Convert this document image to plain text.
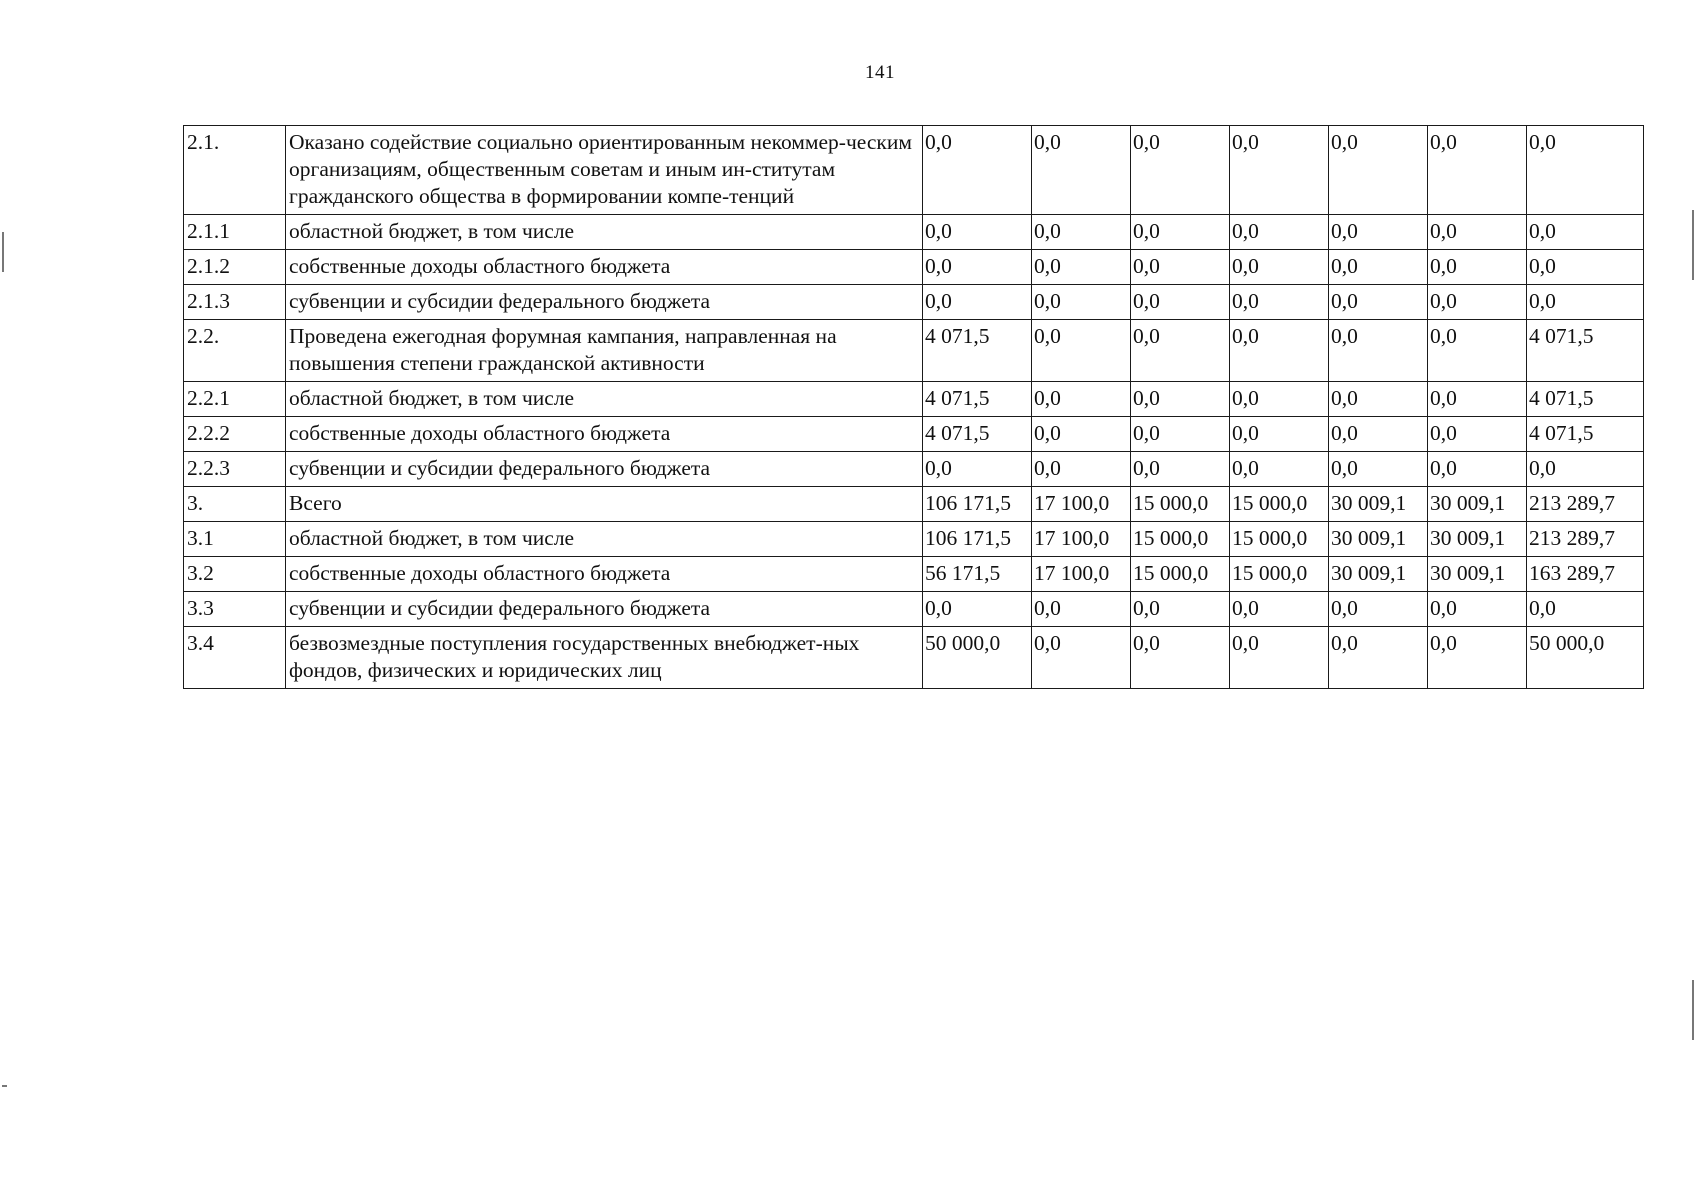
141
2.1.	Оказано содействие социально ориентированным некоммер-ческим организациям, общественным советам и иным ин-ститутам гражданского общества в формировании компе-тенций	0,0	0,0	0,0	0,0	0,0	0,0	0,0
2.1.1	областной бюджет, в том числе	0,0	0,0	0,0	0,0	0,0	0,0	0,0
2.1.2	собственные доходы областного бюджета	0,0	0,0	0,0	0,0	0,0	0,0	0,0
2.1.3	субвенции и субсидии федерального бюджета	0,0	0,0	0,0	0,0	0,0	0,0	0,0
2.2.	Проведена ежегодная форумная кампания, направленная на повышения степени гражданской активности	4 071,5	0,0	0,0	0,0	0,0	0,0	4 071,5
2.2.1	областной бюджет, в том числе	4 071,5	0,0	0,0	0,0	0,0	0,0	4 071,5
2.2.2	собственные доходы областного бюджета	4 071,5	0,0	0,0	0,0	0,0	0,0	4 071,5
2.2.3	субвенции и субсидии федерального бюджета	0,0	0,0	0,0	0,0	0,0	0,0	0,0
3.	Всего	106 171,5	17 100,0	15 000,0	15 000,0	30 009,1	30 009,1	213 289,7
3.1	областной бюджет, в том числе	106 171,5	17 100,0	15 000,0	15 000,0	30 009,1	30 009,1	213 289,7
3.2	собственные доходы областного бюджета	56 171,5	17 100,0	15 000,0	15 000,0	30 009,1	30 009,1	163 289,7
3.3	субвенции и субсидии федерального бюджета	0,0	0,0	0,0	0,0	0,0	0,0	0,0
3.4	безвозмездные поступления государственных внебюджет-ных фондов, физических и юридических лиц	50 000,0	0,0	0,0	0,0	0,0	0,0	50 000,0
